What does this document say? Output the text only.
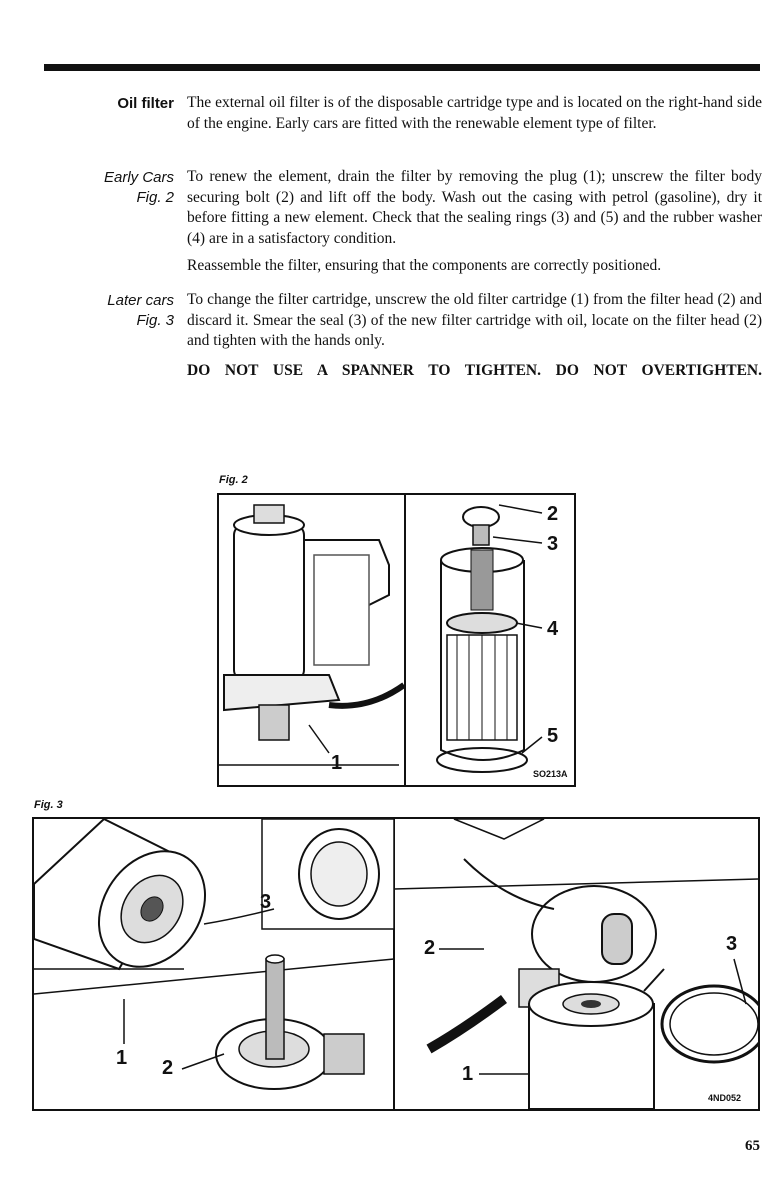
Oil filter The external oil filter is of the disposable cartridge type and is located on the right-hand side of the engine. Early cars are fitted with the renewable element type of filter.
Early Cars
Fig. 2
To renew the element, drain the filter by removing the plug (1); unscrew the filter body securing bolt (2) and lift off the body. Wash out the casing with petrol (gasoline), dry it before fitting a new element. Check that the sealing rings (3) and (5) and the rubber washer (4) are in a satisfactory condition.
Reassemble the filter, ensuring that the components are correctly positioned.
Later cars
Fig. 3
To change the filter cartridge, unscrew the old filter cartridge (1) from the filter head (2) and discard it. Smear the seal (3) of the new filter cartridge with oil, locate on the filter head (2) and tighten with the hands only.
DO NOT USE A SPANNER TO TIGHTEN. DO NOT OVERTIGHTEN.
Fig. 2
1
2
3
4
5
SO213A
Fig. 3
3
1 2
2	3
1
4ND052
65
